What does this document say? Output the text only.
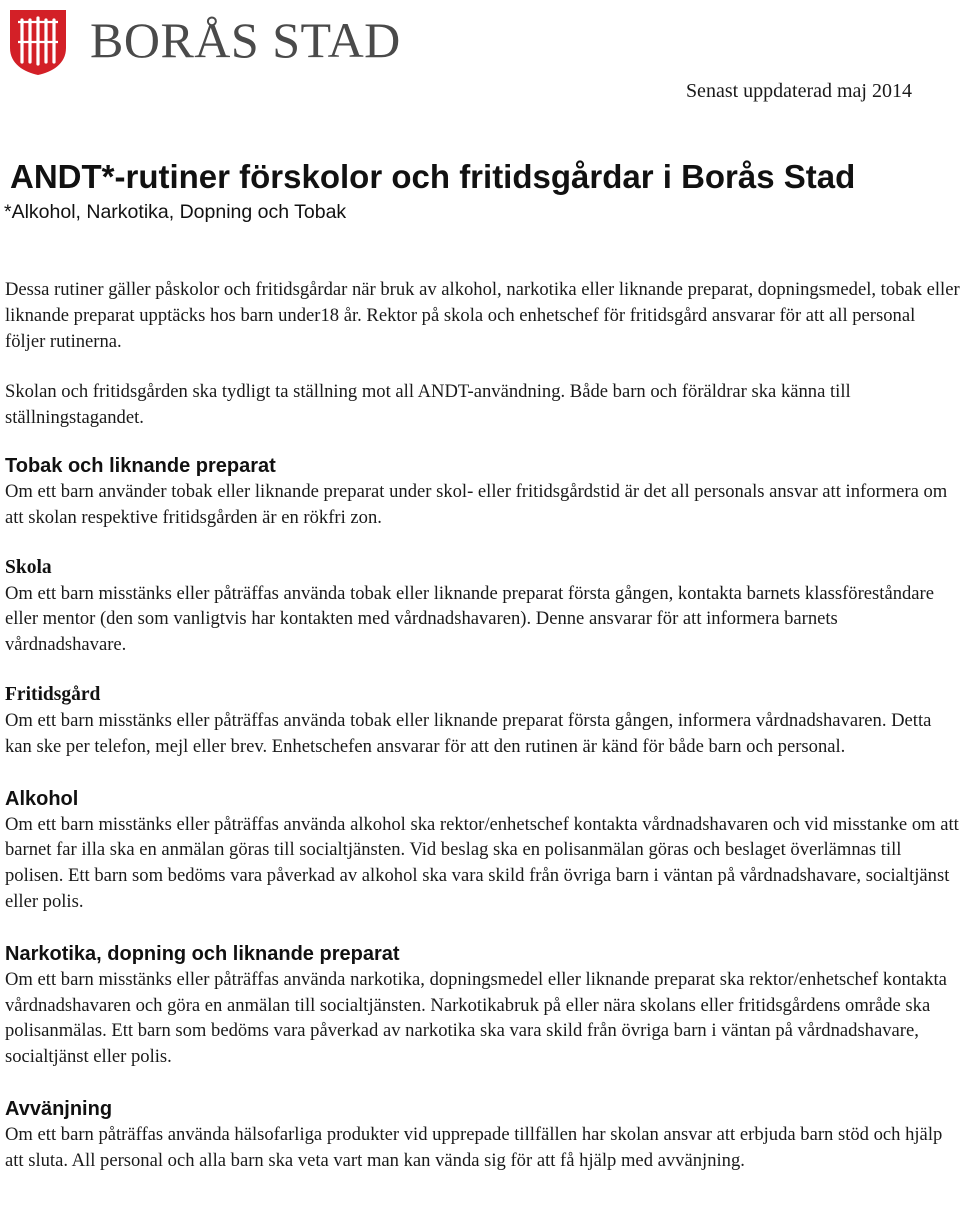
BORÅS STAD
Senast uppdaterad maj 2014
ANDT*-rutiner förskolor och fritidsgårdar i Borås Stad
*Alkohol, Narkotika, Dopning och Tobak

Dessa rutiner gäller påskolor och fritidsgårdar när bruk av alkohol, narkotika eller liknande preparat, dopningsmedel, tobak eller liknande preparat upptäcks hos barn under18 år. Rektor på skola och enhetschef för fritidsgård ansvarar för att all personal följer rutinerna.

Skolan och fritidsgården ska tydligt ta ställning mot all ANDT-användning. Både barn och föräldrar ska känna till ställningstagandet.

Tobak och liknande preparat

Om ett barn använder tobak eller liknande preparat under skol- eller fritidsgårdstid är det all personals ansvar att informera om att skolan respektive fritidsgården är en rökfri zon.

Skola

Om ett barn misstänks eller påträffas använda tobak eller liknande preparat första gången, kontakta barnets klassföreståndare eller mentor (den som vanligtvis har kontakten med vårdnadshavaren). Denne ansvarar för att informera barnets vårdnadshavare.

Fritidsgård

Om ett barn misstänks eller påträffas använda tobak eller liknande preparat första gången, informera vårdnadshavaren. Detta kan ske per telefon, mejl eller brev. Enhetschefen ansvarar för att den rutinen är känd för både barn och personal.

Alkohol

Om ett barn misstänks eller påträffas använda alkohol ska rektor/enhetschef kontakta vårdnadshavaren och vid misstanke om att barnet far illa ska en anmälan göras till socialtjänsten. Vid beslag ska en polisanmälan göras och beslaget överlämnas till polisen. Ett barn som bedöms vara påverkad av alkohol ska vara skild från övriga barn i väntan på vårdnadshavare, socialtjänst eller polis.

Narkotika, dopning och liknande preparat

Om ett barn misstänks eller påträffas använda narkotika, dopningsmedel eller liknande preparat ska rektor/enhetschef kontakta vårdnadshavaren och göra en anmälan till socialtjänsten. Narkotikabruk på eller nära skolans eller fritidsgårdens område ska polisanmälas. Ett barn som bedöms vara påverkad av narkotika ska vara skild från övriga barn i väntan på vårdnadshavare, socialtjänst eller polis.

Avvänjning

Om ett barn påträffas använda hälsofarliga produkter vid upprepade tillfällen har skolan ansvar att erbjuda barn stöd och hjälp att sluta. All personal och alla barn ska veta vart man kan vända sig för att få hjälp med avvänjning.
